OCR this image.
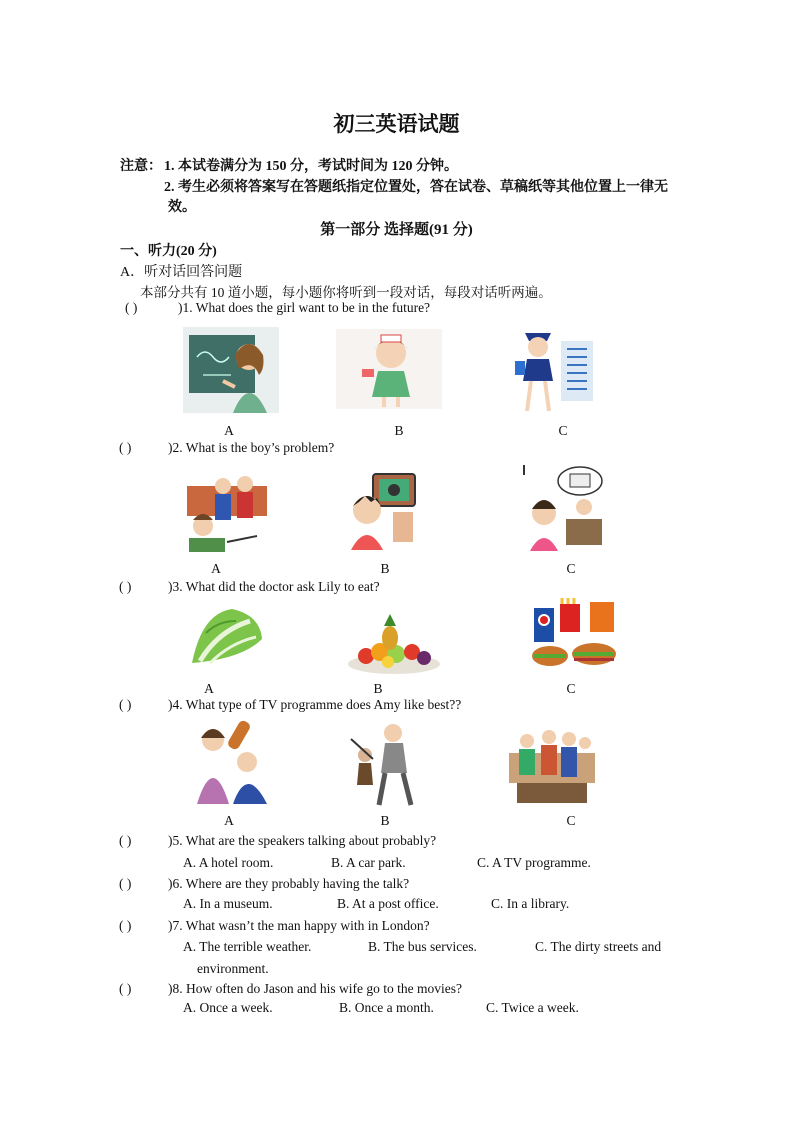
初三英语试题
注意： 1. 本试卷满分为 150 分，考试时间为 120 分钟。
2. 考生必须将答案写在答题纸指定位置处，答在试卷、草稿纸等其他位置上一律无
效。
第一部分 选择题(91 分)
一、听力(20 分)
A．听对话回答问题
本部分共有 10 道小题，每小题你将听到一段对话，每段对话听两遍。
( )	)1. What does the girl want to be in the future?
A	B	C
( )	)2. What is the boy’s problem?
A	B	C
( )	)3. What did the doctor ask Lily to eat?
A	B	C
( )	)4. What type of TV programme does Amy like best??
A	B	C
( )	)5. What are the speakers talking about probably?
A. A hotel room.	B. A car park.	C. A TV programme.
( )	)6. Where are they probably having the talk?
A. In a museum.	B. At a post office.	C. In a library.
( )	)7. What wasn’t the man happy with in London?
A. The terrible weather.	B. The bus services.	C. The dirty streets and
environment.
( )	)8. How often do Jason and his wife go to the movies?
A. Once a week.	B. Once a month.	C. Twice a week.
